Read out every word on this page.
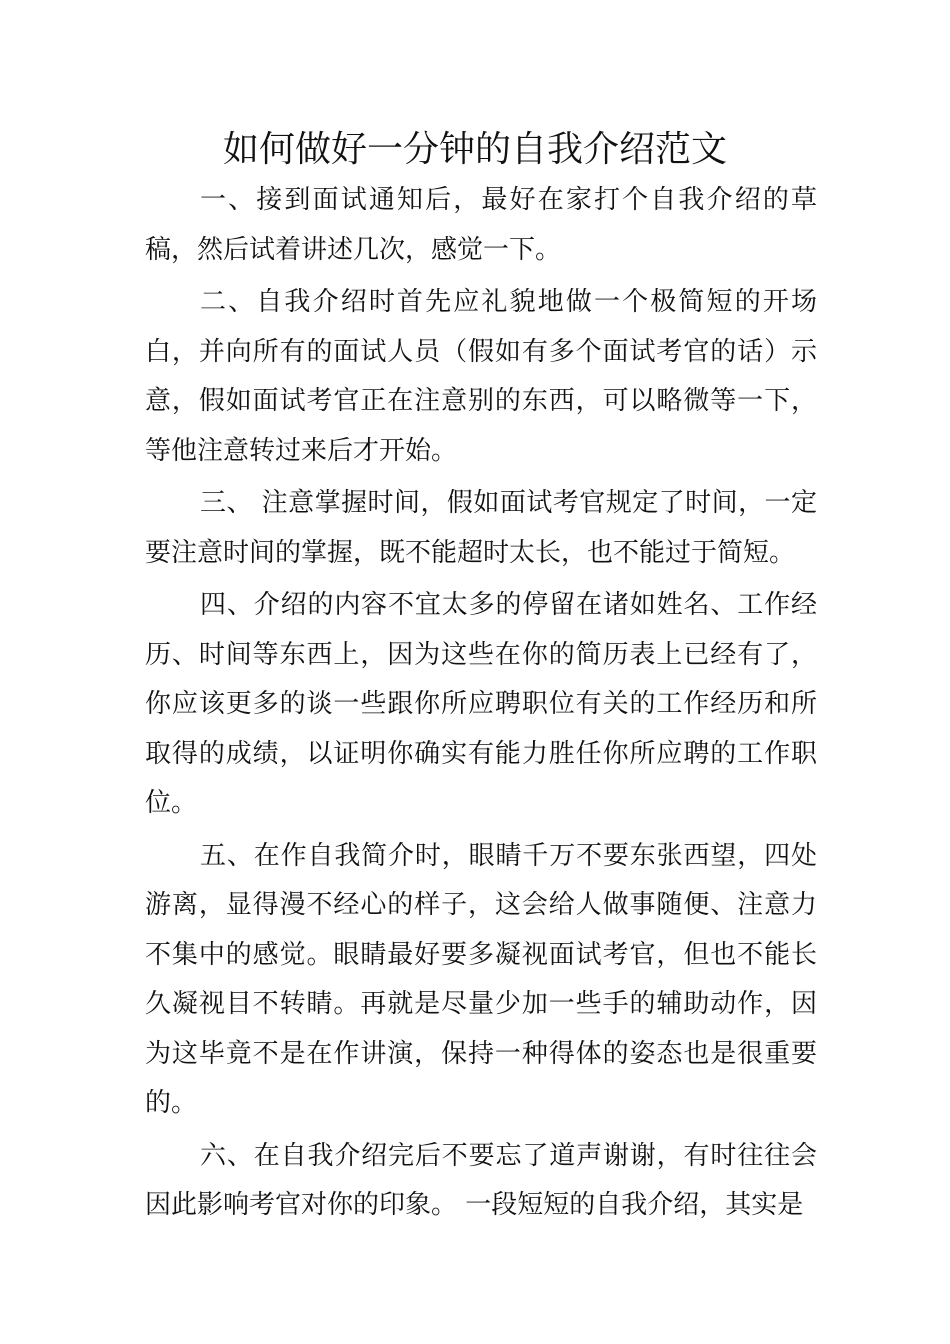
如何做好一分钟的自我介绍范文

一、接到面试通知后，最好在家打个自我介绍的草稿，然后试着讲述几次，感觉一下。

二、自我介绍时首先应礼貌地做一个极简短的开场白，并向所有的面试人员（假如有多个面试考官的话）示意，假如面试考官正在注意别的东西，可以略微等一下，等他注意转过来后才开始。

三、 注意掌握时间，假如面试考官规定了时间，一定要注意时间的掌握，既不能超时太长，也不能过于简短。

四、介绍的内容不宜太多的停留在诸如姓名、工作经历、时间等东西上，因为这些在你的简历表上已经有了，你应该更多的谈一些跟你所应聘职位有关的工作经历和所取得的成绩，以证明你确实有能力胜任你所应聘的工作职位。

五、在作自我简介时，眼睛千万不要东张西望，四处游离，显得漫不经心的样子，这会给人做事随便、注意力不集中的感觉。眼睛最好要多凝视面试考官，但也不能长久凝视目不转睛。再就是尽量少加一些手的辅助动作，因为这毕竟不是在作讲演，保持一种得体的姿态也是很重要的。

六、在自我介绍完后不要忘了道声谢谢，有时往往会因此影响考官对你的印象。 一段短短的自我介绍，其实是
